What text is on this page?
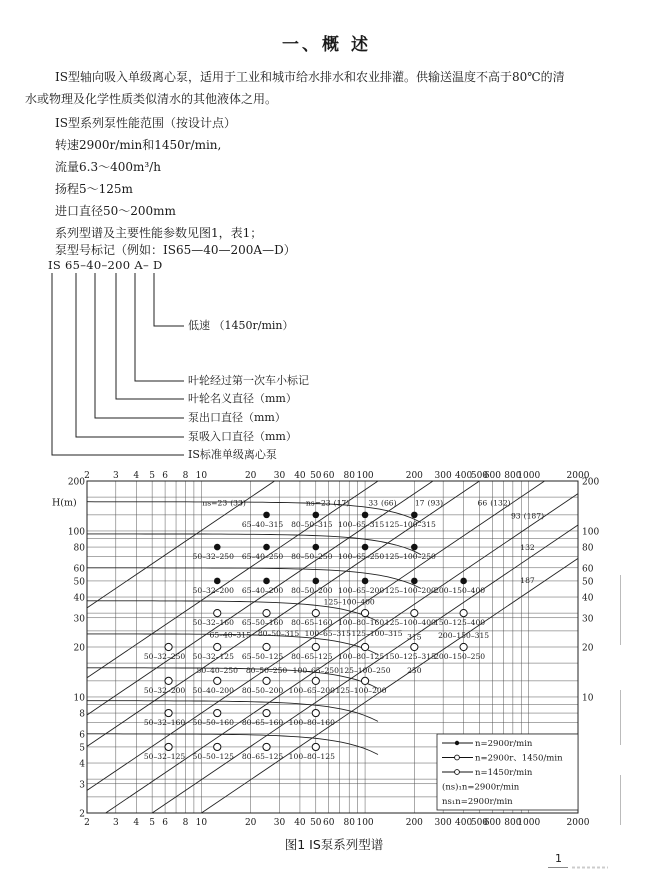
一、概 述
IS型轴向吸入单级离心泵，适用于工业和城市给水排水和农业排灌。供输送温度不高于80℃的清
水或物理及化学性质类似清水的其他液体之用。
IS型系列泵性能范围（按设计点）
转速2900r/min和1450r/min,
流量6.3～400m³/h
扬程5～125m
进口直径50～200mm
系列型谱及主要性能参数见图1，表1；
泵型号标记（例如：IS65—40—200A—D）
IS 65–40–200 A– D
低速 （1450r/min）
叶轮经过第一次车小标记
叶轮名义直径（mm）
泵出口直径（mm）
泵吸入口直径（mm）
IS标准单级离心泵
ns=23 (33)	ns=23 (17)	33 (66) 17 (93)	66 (132)
93 (187)
132
187
2
2
3
3
4
4
5
5
6
6
8
8
10
10
20
20
30
30
40
40
50
50
60
60
80
80
100
100
200
200
300
300
400
400
500
500
600
600
800
800
1000
1000
2000
2000
200
100
80
60
50
40
30
20
10
8
6
5
4
3
2
200
100
80
60
50
40
30
20
10
H(m)
50–32–250
50–32–200
65–40–315
65–40–250
65–40–200
80–50–315
80–50–250
80–50–200
100–65–315
100–65–250
100–65–200
125–100–315
125–100–250
125–100–200
200–150–400
50–32–160 65–50–160 80–65–160 100–80–160 125–100–400
150–125–400
50–32–250 50–32–125 65–50–125 80–65–125 100–80–125 150–125–315
200–150–250
50–32–200 50–40–200 80–50–200 100–65–200 125–100–200
50–32–160 50–50–160 80–65–160 100–80–160
50–32–125 50–50–125 80–65–125 100–80–125
125–100–400
315
250
65–40–315
125–100–250
50–40–250 80–50–250 100–65–250
80–50–315 100–65–315 125–100–315	200–150–315
n=2900r/min
n=2900r、1450/min
n=1450r/min
(ns)₁n=2900r/min
ns₁n=2900r/min
图1 IS泵系列型谱
1
